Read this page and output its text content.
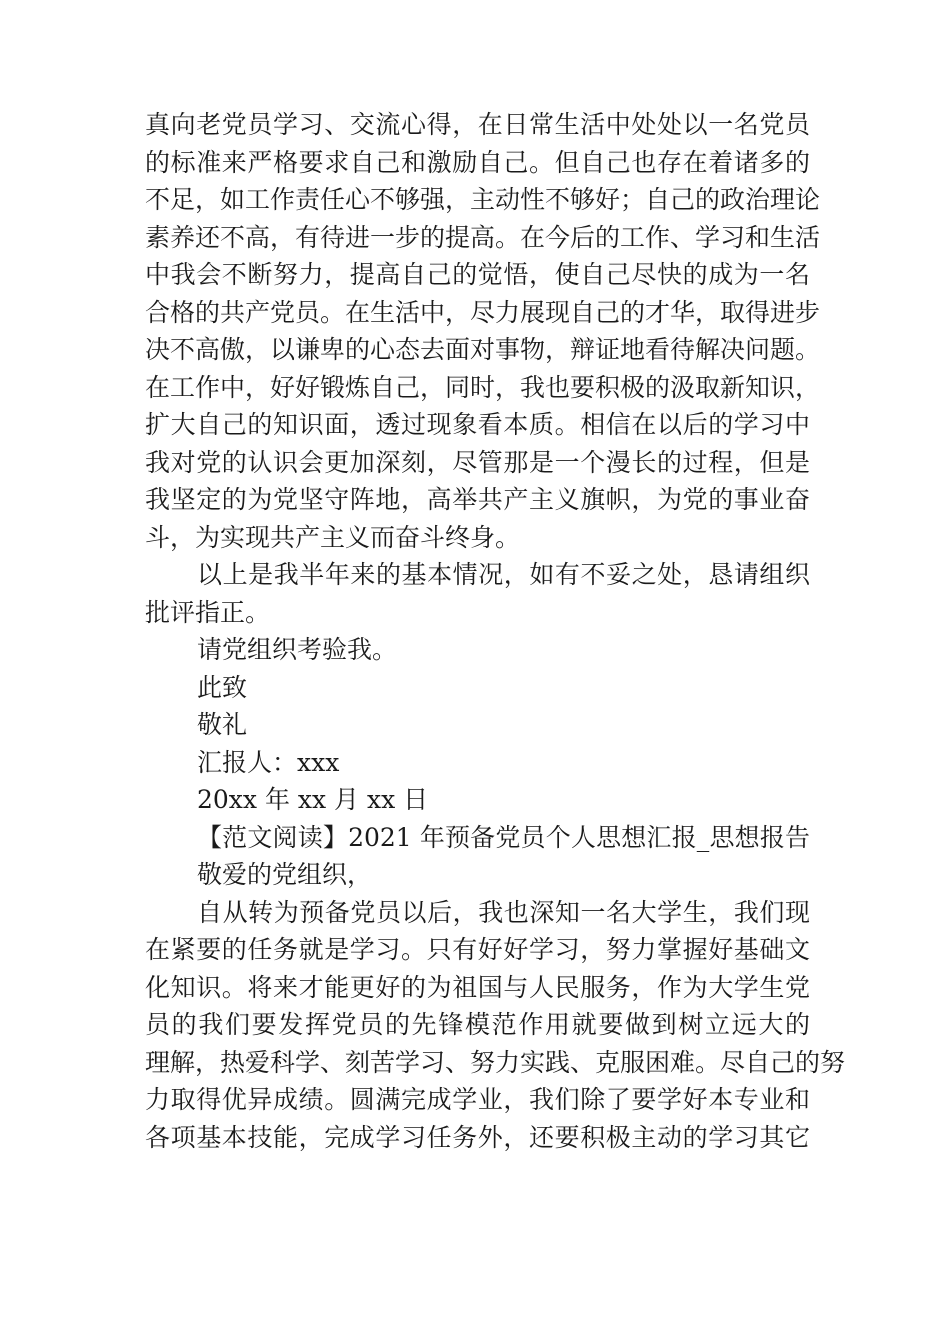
真向老党员学习、交流心得，在日常生活中处处以一名党员
的标准来严格要求自己和激励自己。但自己也存在着诸多的
不足，如工作责任心不够强，主动性不够好；自己的政治理论
素养还不高，有待进一步的提高。在今后的工作、学习和生活
中我会不断努力，提高自己的觉悟，使自己尽快的成为一名
合格的共产党员。在生活中，尽力展现自己的才华，取得进步
决不高傲，以谦卑的心态去面对事物，辩证地看待解决问题。
在工作中，好好锻炼自己，同时，我也要积极的汲取新知识，
扩大自己的知识面，透过现象看本质。相信在以后的学习中
我对党的认识会更加深刻，尽管那是一个漫长的过程，但是
我坚定的为党坚守阵地，高举共产主义旗帜，为党的事业奋
斗，为实现共产主义而奋斗终身。
以上是我半年来的基本情况，如有不妥之处，恳请组织
批评指正。
请党组织考验我。
此致
敬礼
汇报人：xxx
20xx 年 xx 月 xx 日
【范文阅读】2021 年预备党员个人思想汇报_思想报告
敬爱的党组织，
自从转为预备党员以后，我也深知一名大学生，我们现
在紧要的任务就是学习。只有好好学习，努力掌握好基础文
化知识。将来才能更好的为祖国与人民服务，作为大学生党
员的我们要发挥党员的先锋模范作用就要做到树立远大的
理解，热爱科学、刻苦学习、努力实践、克服困难。尽自己的努
力取得优异成绩。圆满完成学业，我们除了要学好本专业和
各项基本技能，完成学习任务外，还要积极主动的学习其它
